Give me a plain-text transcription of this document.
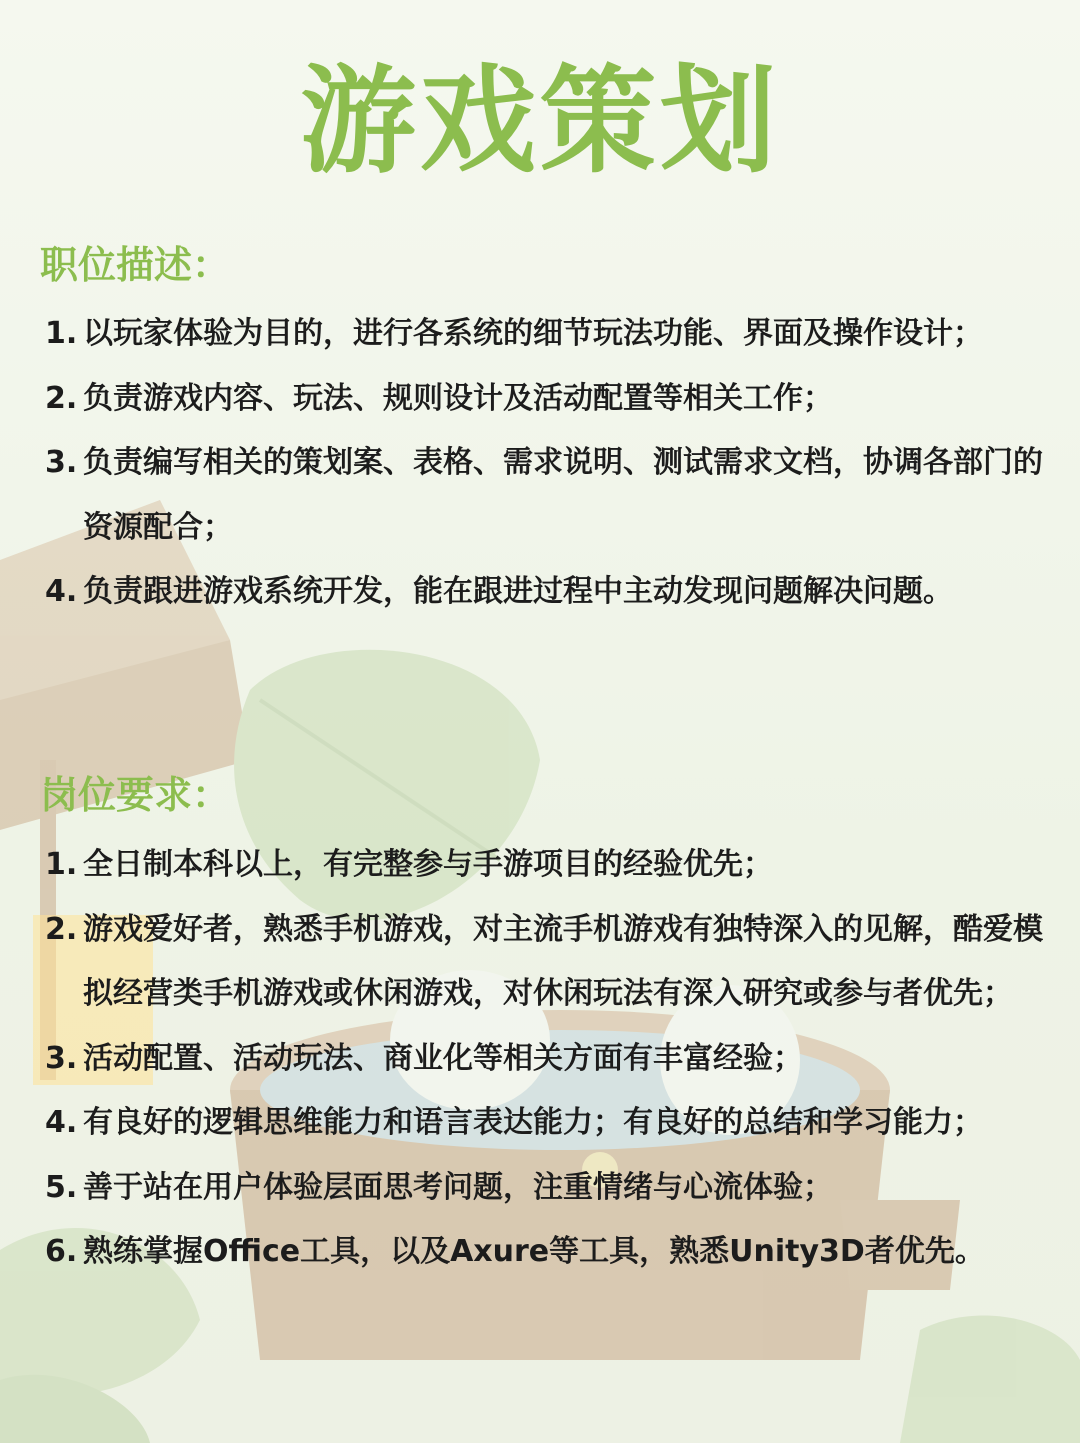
游戏策划
职位描述：
1. 以玩家体验为目的，进行各系统的细节玩法功能、界面及操作设计；
2. 负责游戏内容、玩法、规则设计及活动配置等相关工作；
3. 负责编写相关的策划案、表格、需求说明、测试需求文档，协调各部门的资源配合；
4. 负责跟进游戏系统开发，能在跟进过程中主动发现问题解决问题。
岗位要求：
1. 全日制本科以上，有完整参与手游项目的经验优先；
2. 游戏爱好者，熟悉手机游戏，对主流手机游戏有独特深入的见解，酷爱模拟经营类手机游戏或休闲游戏，对休闲玩法有深入研究或参与者优先；
3. 活动配置、活动玩法、商业化等相关方面有丰富经验；
4. 有良好的逻辑思维能力和语言表达能力；有良好的总结和学习能力；
5. 善于站在用户体验层面思考问题，注重情绪与心流体验；
6. 熟练掌握Office工具，以及Axure等工具，熟悉Unity3D者优先。
